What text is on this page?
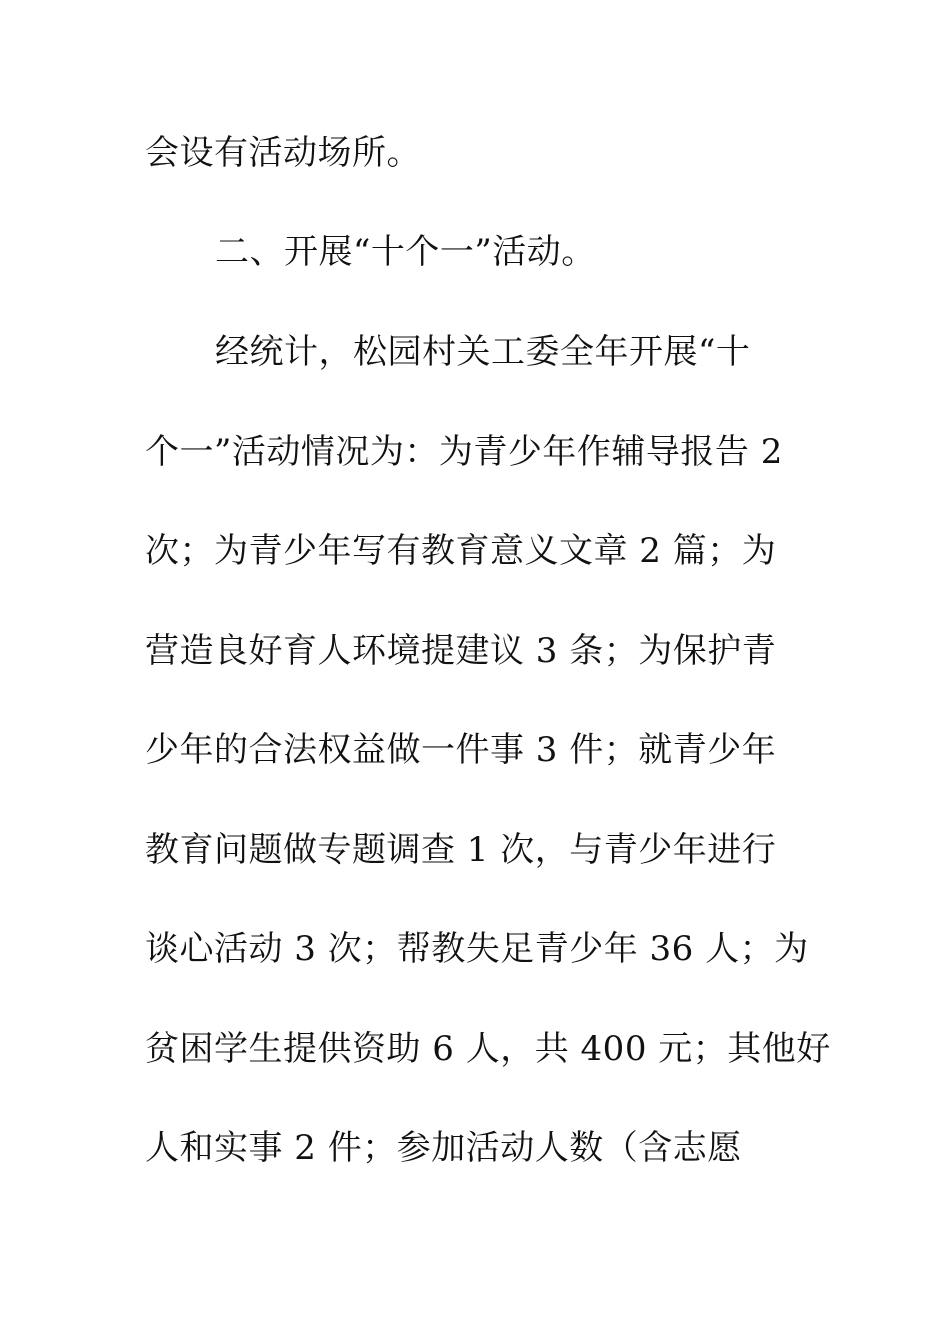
会设有活动场所。
二、开展“十个一”活动。
经统计，松园村关工委全年开展“十
个一”活动情况为：为青少年作辅导报告 2
次；为青少年写有教育意义文章 2 篇；为
营造良好育人环境提建议 3 条；为保护青
少年的合法权益做一件事 3 件；就青少年
教育问题做专题调查 1 次，与青少年进行
谈心活动 3 次；帮教失足青少年 36 人；为
贫困学生提供资助 6 人，共 400 元；其他好
人和实事 2 件；参加活动人数（含志愿
